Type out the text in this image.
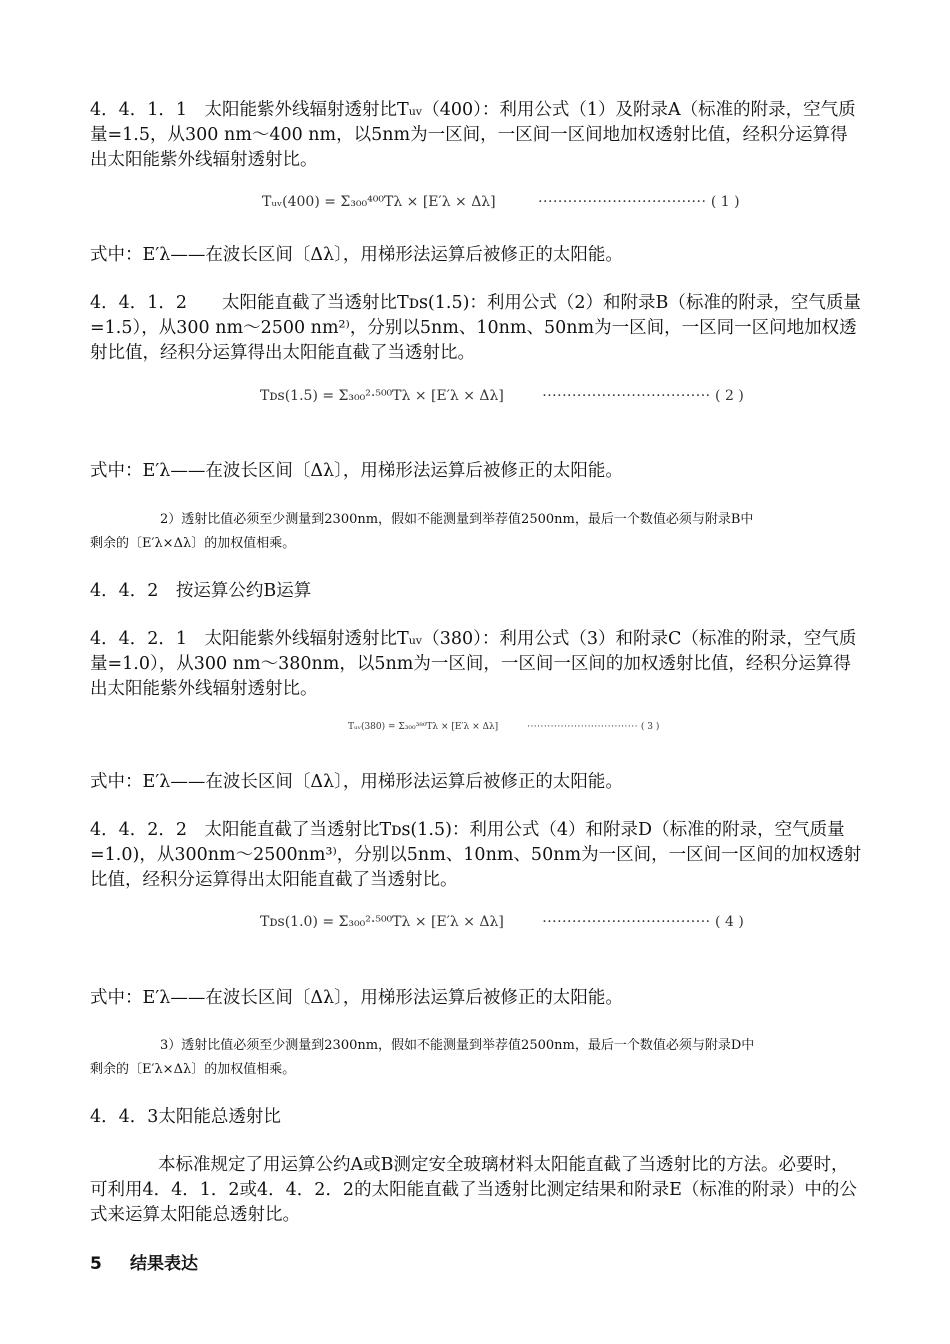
4．4．1．1　太阳能紫外线辐射透射比Tᵤᵥ（400）：利用公式（1）及附录A（标准的附录，空气质量=1.5，从300 nm～400 nm，以5nm为一区间，一区间一区间地加权透射比值，经积分运算得出太阳能紫外线辐射透射比。

Tᵤᵥ(400) = Σ₃₀₀⁴⁰⁰Tλ × [E′λ × Δλ]	·································· ( 1 )

式中：E′λ——在波长区间〔Δλ〕，用梯形法运算后被修正的太阳能。

4．4．1．2　　太阳能直截了当透射比Tᴅꜱ(1.5)：利用公式（2）和附录B（标准的附录，空气质量=1.5），从300 nm～2500 nm²⁾，分别以5nm、10nm、50nm为一区间，一区同一区问地加权透射比值，经积分运算得出太阳能直截了当透射比。

Tᴅꜱ(1.5) = Σ₃₀₀²·⁵⁰⁰Tλ × [E′λ × Δλ]	·································· ( 2 )

式中：E′λ——在波长区间〔Δλ〕，用梯形法运算后被修正的太阳能。

2）透射比值必须至少测量到2300nm，假如不能测量到举荐值2500nm，最后一个数值必须与附录B中
剩余的〔E′λ×Δλ〕的加权值相乘。

4．4．2　按运算公约B运算

4．4．2．1　太阳能紫外线辐射透射比Tᵤᵥ（380）：利用公式（3）和附录C（标准的附录，空气质量=1.0），从300 nm～380nm，以5nm为一区间，一区间一区间的加权透射比值，经积分运算得出太阳能紫外线辐射透射比。

Tᵤᵥ(380) = Σ₃₀₀³⁸⁰Tλ × [E′λ × Δλ]	································· ( 3 )

式中：E′λ——在波长区间〔Δλ〕，用梯形法运算后被修正的太阳能。

4．4．2．2　太阳能直截了当透射比Tᴅꜱ(1.5)：利用公式（4）和附录D（标准的附录，空气质量=1.0)，从300nm～2500nm³⁾，分别以5nm、10nm、50nm为一区间，一区间一区间的加权透射比值，经积分运算得出太阳能直截了当透射比。

Tᴅꜱ(1.0) = Σ₃₀₀²·⁵⁰⁰Tλ × [E′λ × Δλ]	·································· ( 4 )

式中：E′λ——在波长区间〔Δλ〕，用梯形法运算后被修正的太阳能。

3）透射比值必须至少测量到2300nm，假如不能测量到举荐值2500nm，最后一个数值必须与附录D中
剩余的〔E′λ×Δλ〕的加权值相乘。

4．4．3太阳能总透射比

本标准规定了用运算公约A或B测定安全玻璃材料太阳能直截了当透射比的方法。必要时，可利用4．4．1．2或4．4．2．2的太阳能直截了当透射比测定结果和附录E（标准的附录）中的公式来运算太阳能总透射比。

5 结果表达
